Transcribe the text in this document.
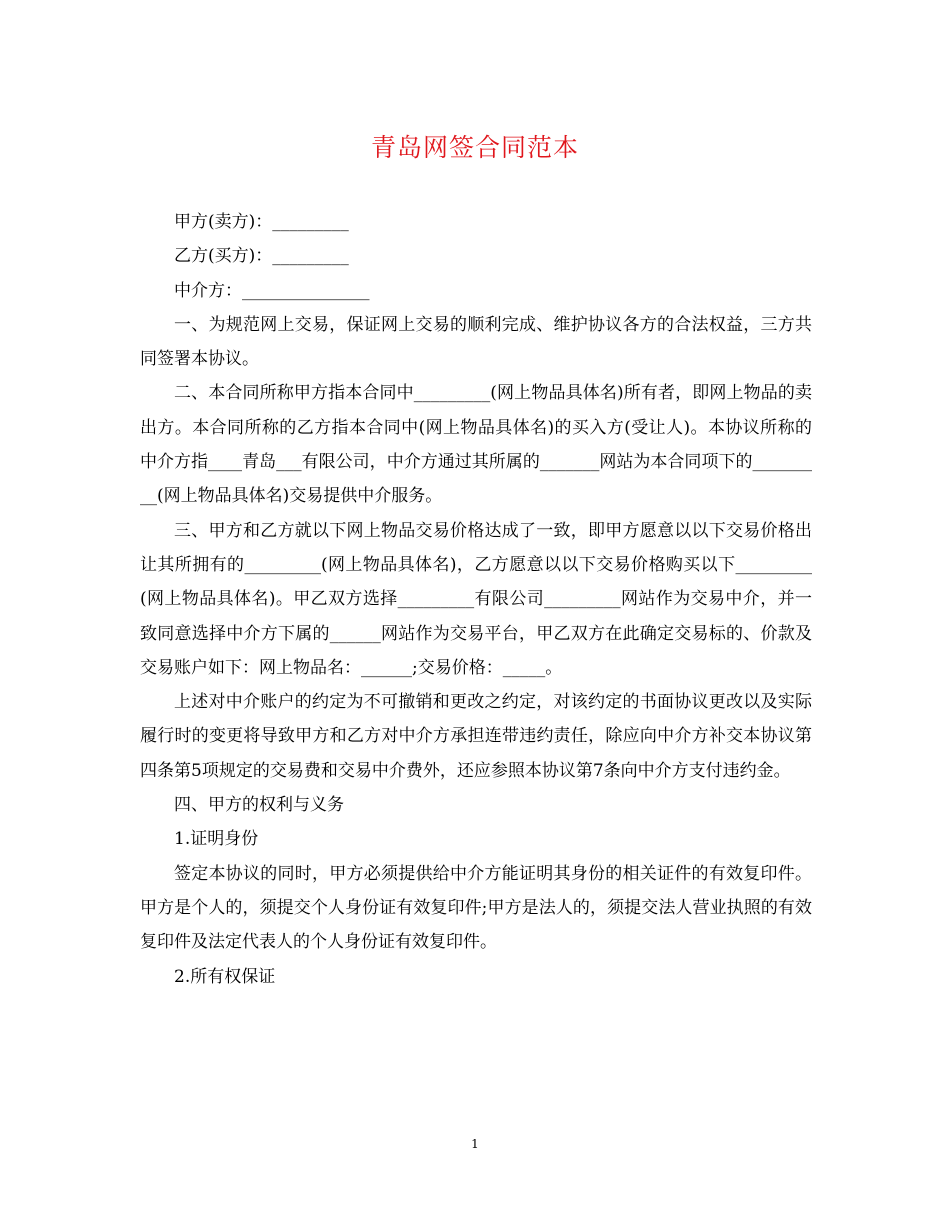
青岛网签合同范本

甲方(卖方)：_________

乙方(买方)：_________

中介方：_______________

一、为规范网上交易，保证网上交易的顺利完成、维护协议各方的合法权益，三方共同签署本协议。

二、本合同所称甲方指本合同中_________(网上物品具体名)所有者，即网上物品的卖出方。本合同所称的乙方指本合同中(网上物品具体名)的买入方(受让人)。本协议所称的中介方指____青岛___有限公司，中介方通过其所属的_______网站为本合同项下的_________(网上物品具体名)交易提供中介服务。

三、甲方和乙方就以下网上物品交易价格达成了一致，即甲方愿意以以下交易价格出让其所拥有的_________(网上物品具体名)，乙方愿意以以下交易价格购买以下_________(网上物品具体名)。甲乙双方选择_________有限公司_________网站作为交易中介，并一致同意选择中介方下属的______网站作为交易平台，甲乙双方在此确定交易标的、价款及交易账户如下：网上物品名：______;交易价格：_____。

上述对中介账户的约定为不可撤销和更改之约定，对该约定的书面协议更改以及实际履行时的变更将导致甲方和乙方对中介方承担连带违约责任，除应向中介方补交本协议第四条第5项规定的交易费和交易中介费外，还应参照本协议第7条向中介方支付违约金。

四、甲方的权利与义务

1.证明身份

签定本协议的同时，甲方必须提供给中介方能证明其身份的相关证件的有效复印件。甲方是个人的，须提交个人身份证有效复印件;甲方是法人的，须提交法人营业执照的有效复印件及法定代表人的个人身份证有效复印件。

2.所有权保证

1
